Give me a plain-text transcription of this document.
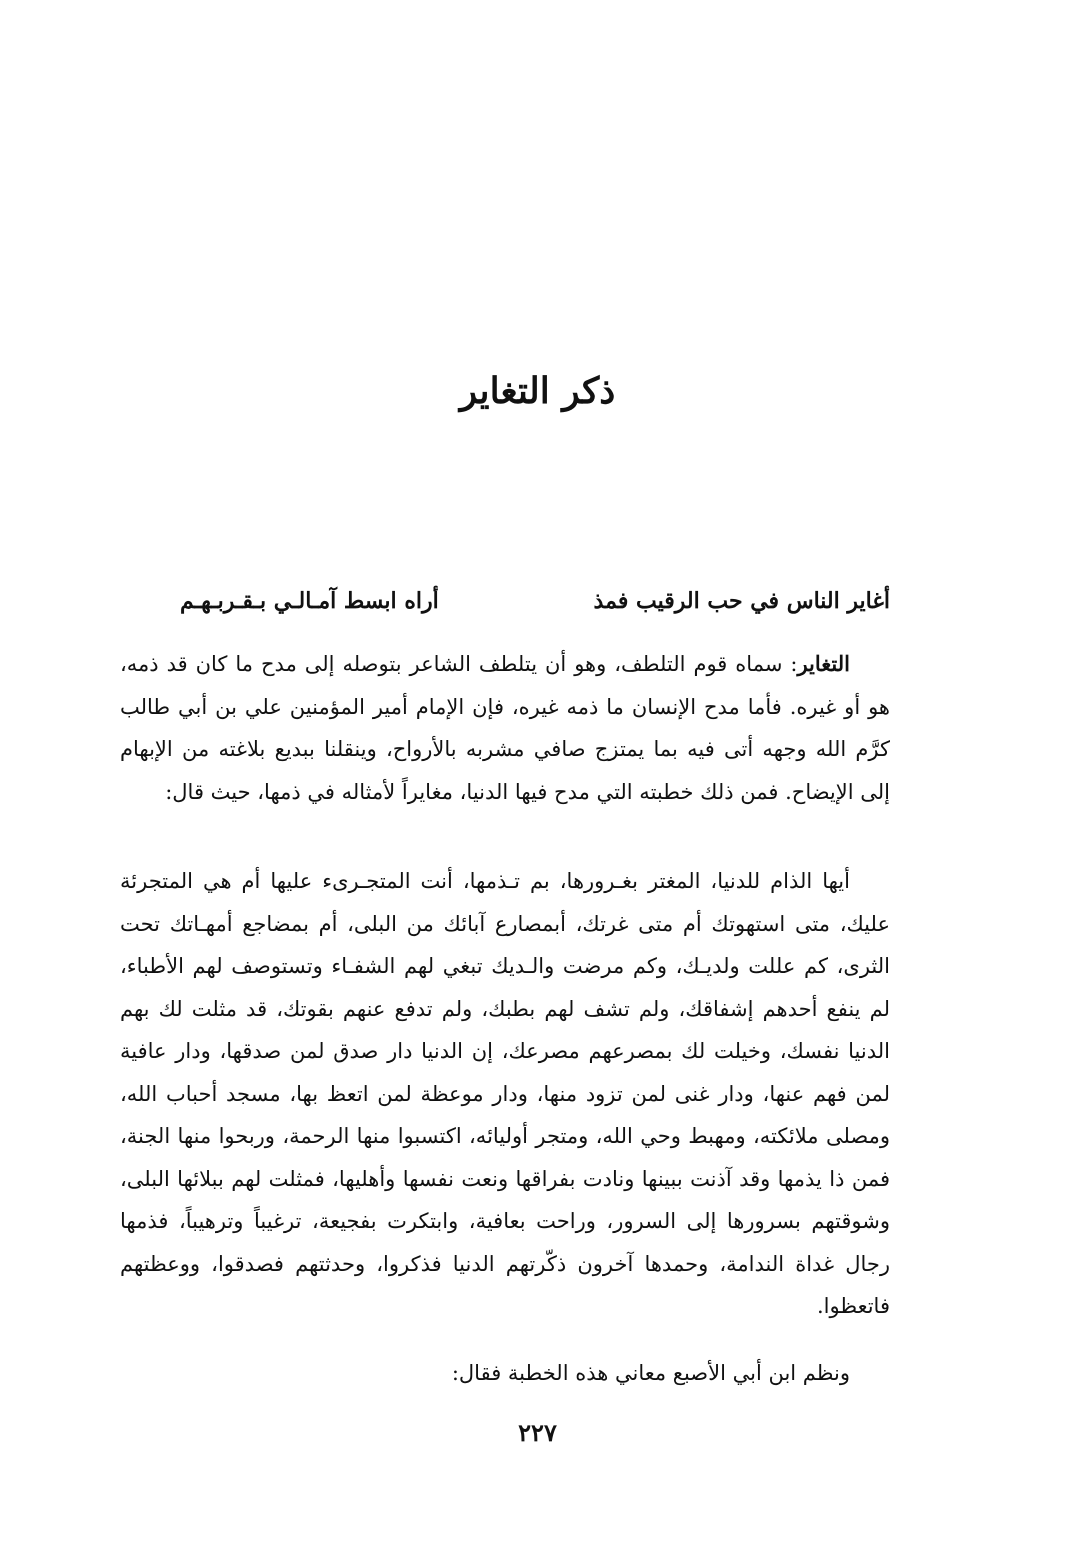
ذكر التغاير
أغاير الناس في حب الرقيب فمذ
أراه ابسط آمـالـي بـقـربـهـم

التغاير: سماه قوم التلطف، وهو أن يتلطف الشاعر بتوصله إلى مدح ما كان قد ذمه، هو أو غيره. فأما مدح الإنسان ما ذمه غيره، فإن الإمام أمير المؤمنين علي بن أبي طالب كرَّم الله وجهه أتى فيه بما يمتزج صافي مشربه بالأرواح، وينقلنا ببديع بلاغته من الإبهام إلى الإيضاح. فمن ذلك خطبته التي مدح فيها الدنيا، مغايراً لأمثاله في ذمها، حيث قال:

أيها الذام للدنيا، المغتر بغـرورها، بم تـذمها، أنت المتجـرىء عليها أم هي المتجرئة عليك، متى استهوتك أم متى غرتك، أبمصارع آبائك من البلى، أم بمضاجع أمهـاتك تحت الثرى، كم عللت ولديـك، وكم مرضت والـديك تبغي لهم الشفـاء وتستوصف لهم الأطباء، لم ينفع أحدهم إشفاقك، ولم تشف لهم بطبك، ولم تدفع عنهم بقوتك، قد مثلت لك بهم الدنيا نفسك، وخيلت لك بمصرعهم مصرعك، إن الدنيا دار صدق لمن صدقها، ودار عافية لمن فهم عنها، ودار غنى لمن تزود منها، ودار موعظة لمن اتعظ بها، مسجد أحباب الله، ومصلى ملائكته، ومهبط وحي الله، ومتجر أوليائه، اكتسبوا منها الرحمة، وربحوا منها الجنة، فمن ذا يذمها وقد آذنت ببينها ونادت بفراقها ونعت نفسها وأهليها، فمثلت لهم ببلائها البلى، وشوقتهم بسرورها إلى السرور، وراحت بعافية، وابتكرت بفجيعة، ترغيباً وترهيباً، فذمها رجال غداة الندامة، وحمدها آخرون ذكّرتهم الدنيا فذكروا، وحدثتهم فصدقوا، ووعظتهم فاتعظوا.

ونظم ابن أبي الأصبع معاني هذه الخطبة فقال:

٢٢٧
